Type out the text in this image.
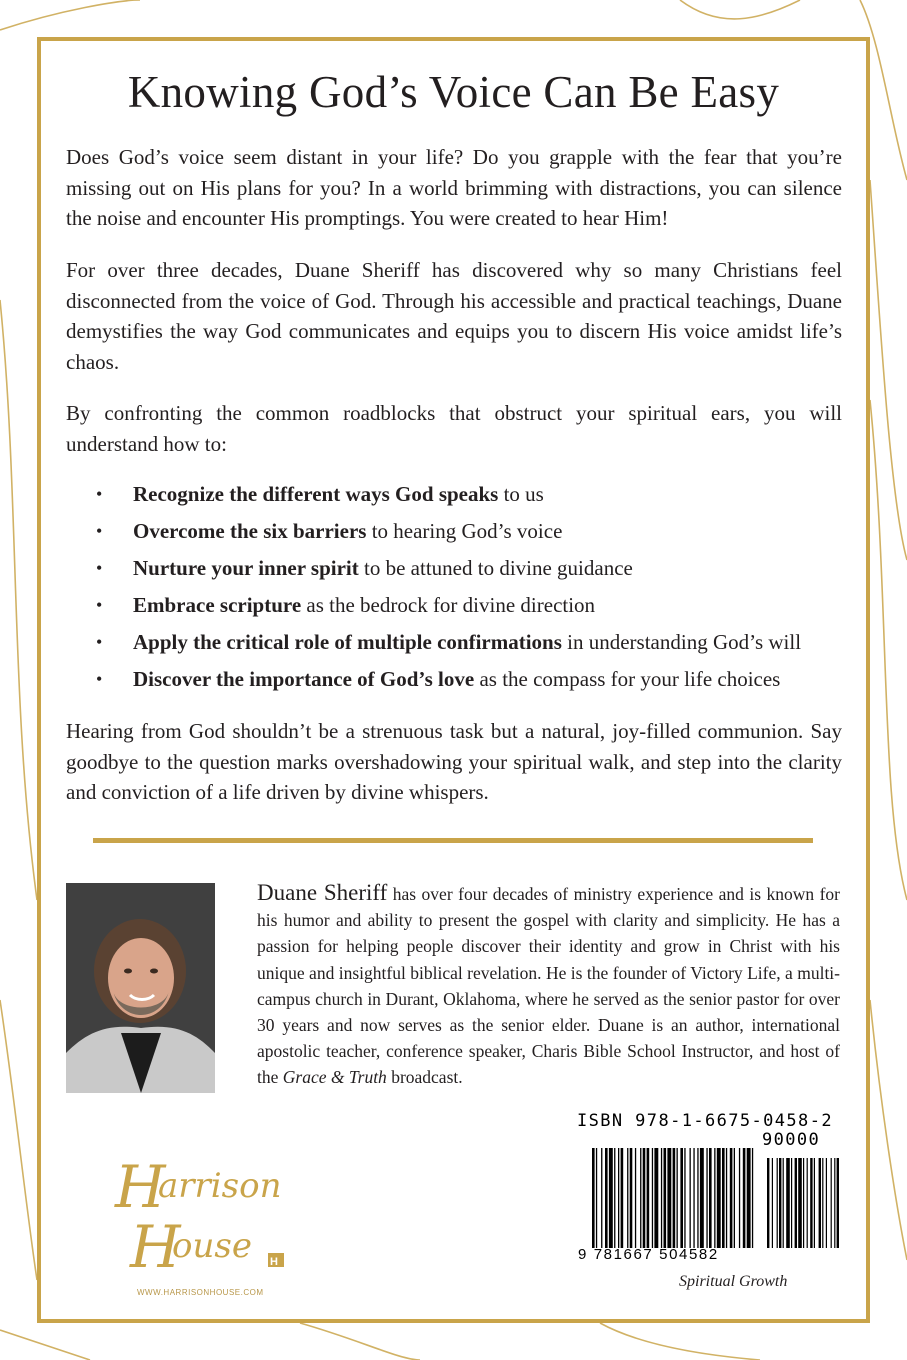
Knowing God’s Voice Can Be Easy

Does God’s voice seem distant in your life? Do you grapple with the fear that you’re missing out on His plans for you? In a world brimming with distractions, you can silence the noise and encounter His promptings. You were created to hear Him!

For over three decades, Duane Sheriff has discovered why so many Christians feel disconnected from the voice of God. Through his accessible and practical teachings, Duane demystifies the way God communicates and equips you to discern His voice amidst life’s chaos.

By confronting the common roadblocks that obstruct your spiritual ears, you will understand how to:

• Recognize the different ways God speaks to us
• Overcome the six barriers to hearing God’s voice
• Nurture your inner spirit to be attuned to divine guidance
• Embrace scripture as the bedrock for divine direction
• Apply the critical role of multiple confirmations in understanding God’s will
• Discover the importance of God’s love as the compass for your life choices

Hearing from God shouldn’t be a strenuous task but a natural, joy-filled communion. Say goodbye to the question marks overshadowing your spiritual walk, and step into the clarity and conviction of a life driven by divine whispers.

Duane Sheriff has over four decades of ministry experience and is known for his humor and ability to present the gospel with clarity and simplicity. He has a passion for helping people discover their identity and grow in Christ with his unique and insightful biblical revelation. He is the founder of Victory Life, a multi-campus church in Durant, Oklahoma, where he served as the senior pastor for over 30 years and now serves as the senior elder. Duane is an author, international apostolic teacher, conference speaker, Charis Bible School Instructor, and host of the Grace & Truth broadcast.

H
arrison
H
ouse H
WWW.HARRISONHOUSE.COM
ISBN 978-1-6675-0458-2
90000
9 781667 504582
Spiritual Growth
